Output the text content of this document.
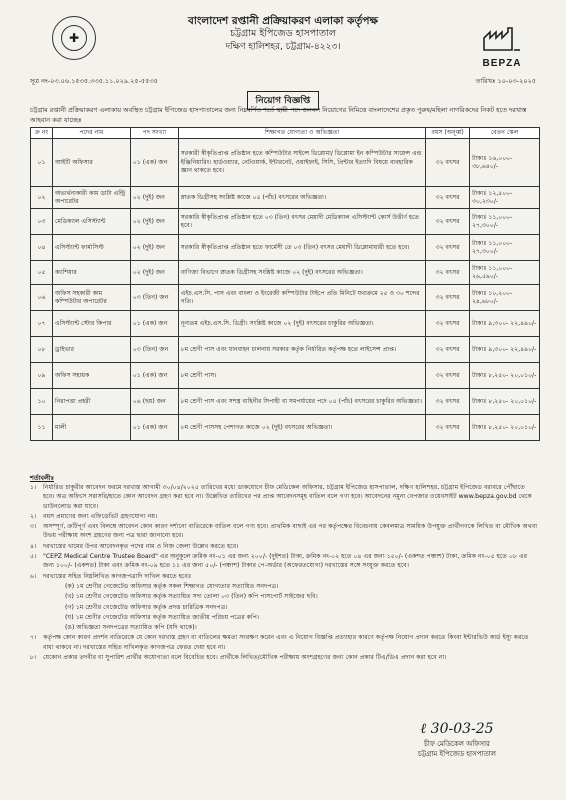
✚
বাংলাদেশ রপ্তানী প্রক্রিয়াকরণ এলাকা কর্তৃপক্ষ
চট্টগ্রাম ইপিজেড হাসপাতাল
দক্ষিণ হালিশহর, চট্টগ্রাম-৪২২৩।
BEPZA
সূত্র নং-০৩.০৬.১৫৩৫.৩৩৫.১১.০২৯.২৫-৫৫৩৫	তারিখঃ ১০-০৩-২০২৫
নিয়োগ বিজ্ঞপ্তি
চট্টগ্রাম রপ্তানী প্রক্রিয়াকরণ এলাকায় অবস্থিত চট্টগ্রাম ইপিজেড হাসপাতালের জন্য নিম্নবর্ণিত শর্তে স্থায়ী পদে জনবল নিয়োগের নিমিত্তে বাংলাদেশের প্রকৃত পুরুষ/মহিলা নাগরিকদের নিকট হতে দরখাস্ত আহবান করা যাচ্ছেঃ
ক্র নং	পদের নাম	পদ সংখ্যা	শিক্ষাগত যোগ্যতা ও অভিজ্ঞতা	বয়স (অনূর্ধ্ব)	বেতন স্কেল
০১	আইটি অফিসার	০১ (এক) জন	সরকারী স্বীকৃতিপ্রাপ্ত প্রতিষ্ঠান হতে কম্পিউটার সাইন্সে ডিপ্লোমা/ ডিপ্লোমা ইন কম্পিউটার সায়েন্স এন্ড ইঞ্জিনিয়ারিং। হার্ডওয়্যার, নেটওয়ার্ক, ইন্টারনেট, ওয়াইফাই, সিসি, প্রিন্টার ইত্যাদি বিষয়ে ব্যবহারিক জ্ঞান থাকতে হবে।	৩২ বৎসর	টাকাঃ ১৬,০০০- ৩৮,৬৪০/-
০২	অভ্যর্থনাকারী কাম ডাটা এন্ট্রি অপারেটর	০২ (দুই) জন	স্নাতক ডিগ্রীসহ সংশ্লিষ্ট কাজে ০৫ (পাঁচ) বৎসরের অভিজ্ঞতা।	৩২ বৎসর	টাকাঃ ১২,৫০০- ৩০,২৩০/-
০৩	মেডিক্যাল এসিস্ট্যান্ট	০২ (দুই) জন	সরকারি স্বীকৃতিপ্রাপ্ত প্রতিষ্ঠান হতে ০৩ (তিন) বৎসর মেয়াদী মেডিক্যাল এসিস্ট্যান্ট কোর্স উত্তীর্ণ হতে হবে।	৩২ বৎসর	টাকাঃ ১১,০০০- ২৭,৩০০/-
০৪	এসিস্ট্যান্ট ফার্মাসিস্ট	০২ (দুই) জন	সরকারি স্বীকৃতিপ্রাপ্ত প্রতিষ্ঠান হতে ফার্মেসী তে ০৩ (তিন) বৎসর মেয়াদী ডিপ্লোমাধারী হতে হবে।	৩২ বৎসর	টাকাঃ ১১,০০০- ২৭,৩০০/-
০৫	ক্যাশিয়ার	০২ (দুই) জন	বাণিজ্য বিভাগে স্নাতক ডিগ্রীসহ সংশ্লিষ্ট কাজে ০২ (দুই) বৎসরের অভিজ্ঞতা।	৩২ বৎসর	টাকাঃ ১১,০০০- ২৬,৫৯০/-
০৬	অফিস সহকারী কাম কম্পিউটার অপারেটর	০৩ (তিন) জন	এইচ.এস.সি. পাস এবং বাংলা ও ইংরেজী কম্পিউটার টাইপে প্রতি মিনিটে যথাক্রমে ২৫ ও ৩০ শব্দের গতি।	৩২ বৎসর	টাকাঃ ১০,২০০- ২৪,৬৮০/-
০৭	এসিস্ট্যান্ট স্টোর কিপার	০১ (এক) জন	নূন্যতম এইচ.এস.সি. ডিগ্রী। সংশ্লিষ্ট কাজে ০২ (দুই) বৎসরের চাকুরির অভিজ্ঞতা।	৩২ বৎসর	টাকাঃ ৯,৩০০- ২২,৪৯০/-
০৮	ড্রাইভার	০৩ (তিন) জন	৮ম শ্রেণী পাস এবং যানবাহন চালনায় সরকার কর্তৃক নির্ধারিত কর্তৃপক্ষ হতে লাইসেন্স প্রাপ্ত।	৩২ বৎসর	টাকাঃ ৯,৩০০- ২২,৪৯০/-
০৯	অফিস সহায়ক	০১ (এক) জন	৮ম শ্রেণী পাস।	৩২ বৎসর	টাকাঃ ৮,২৫০- ২০,০১০/-
১০	নিরাপত্তা প্রহরী	০৬ (ছয়) জন	৮ম শ্রেণী পাস এবং সশস্ত্র বাহিনীর সিপাহী বা সমপর্যায়ের পদে ০৫ (পাঁচ) বৎসরের চাকুরির অভিজ্ঞতা।	৩২ বৎসর	টাকাঃ ৮,২৫০- ২০,০১০/-
১১	মালী	০১ (এক) জন	৮ম শ্রেণী পাসসহ পেশাগত কাজে ০২ (দুই) বৎসরের অভিজ্ঞতা।	৩২ বৎসর	টাকাঃ ৮,২৫০- ২০,০১০/-
শর্তাবলীঃ
১।	নির্ধারিত চাকুরীর আবেদন ফরমে দরখাস্ত আগামী ৩০/০৪/২০২৫ তারিখের মধ্যে ডাকযোগে চীফ মেডিকেল অফিসার, চট্টগ্রাম ইপিজেড হাসপাতাল, দক্ষিণ হালিশহর, চট্টগ্রাম ইপিজেড বরাবরে পৌঁছাতে হবে। অত্র অফিসে সরাসরি/হাতে কোন আবেদন গ্রহণ করা হবে না। উল্লেখিত তারিখের পর প্রাপ্ত আবেদনসমূহ বাতিল বলে গণ্য হবে। আবেদনের নমুনা বেপজার ওয়েবসাইট www.bepza.gov.bd থেকে ডাউনলোড করা যাবে।
২।	বয়স প্রমাণের জন্য এফিডেভিট গ্রহণযোগ্য নয়।
৩।	অসম্পূর্ণ, ক্রটিপূর্ণ এবং বিলম্বে আবেদন কোন কারণ দর্শানো ব্যতিরেকে বাতিল বলে গণ্য হবে। প্রাথমিক বাছাই এর পর কর্তৃপক্ষের বিবেচনায় কেবলমাত্র সাময়িক উপযুক্ত প্রার্থীগণকে লিখিত বা মৌখিক অথবা উভয় পরীক্ষায় অংশ গ্রহণের জন্য পত্র দ্বারা জানানো হবে।
৪।	দরখাস্তের খামের উপর আবেদনকৃত পদের নাম ও নিজ জেলা উল্লেখ করতে হবে।
৫।	"CEPZ Medical Centre Trustee Board" এর অনুকূলে ক্রমিক নং-০১ এর জন্য ২০০/- (দুইশত) টাকা, ক্রমিক নং-০২ হতে ০৪ এর জন্য ১৫০/- (একশত পঞ্চাশ) টাকা, ক্রমিক নং-০৫ হতে ০৮ এর জন্য ১০০/- (একশত) টাকা এবং ক্রমিক নং-০৯ হতে ১১ এর জন্য ৫০/- (পঞ্চাশ) টাকার পে-অর্ডার (অফেরতযোগ্য) দরখাস্তের সঙ্গে সংযুক্ত করতে হবে।
৬।	দরখাস্তের সহিত নিম্নলিখিত কাগজপত্রাদি দাখিল করতে হবেঃ
(ক) ১ম শ্রেণীর গেজেটেড অফিসার কর্তৃক সকল শিক্ষাগত যোগ্যতার সত্যায়িত সনদপত্র।
(খ) ১ম শ্রেণীর গেজেটেড অফিসার কর্তৃক সত্যায়িত সদ্য তোলা ০৩ (তিন) কপি পাসপোর্ট সাইজের ছবি।
(গ) ১ম শ্রেণীর গেজেটেড অফিসার কর্তৃক প্রদত্ত চারিত্রিক সনদপত্র।
(ঘ) ১ম শ্রেণীর গেজেটেড অফিসার কর্তৃক সত্যায়িত জাতীয় পরিচয় পত্রের কপি।
(ঙ) অভিজ্ঞতা সনদপত্রের সত্যায়িত কপি (যদি থাকে)।
৭।	কর্তৃপক্ষ কোন কারণ প্রদর্শন ব্যতিরেকে যে কোন দরখাস্ত গ্রহণ বা বাতিলের ক্ষমতা সংরক্ষণ করেন এবং এ নিয়োগ বিজ্ঞপ্তি প্রত্যাহার কারণে কর্তৃপক্ষ নিয়োগ প্রদান করতে কিংবা ইন্টারভিউ কার্ড ইস্যু করতে বাধ্য থাকবে না। দরখাস্তের সহিত দাখিলকৃত কাগজপত্র ফেরত দেয়া হবে না।
৮।	যেকোন প্রকার তদবীর বা সুপারিশ প্রার্থীর অযোগ্যতা বলে বিবেচিত হবে। প্রার্থীকে লিখিত/মৌখিক পরীক্ষায় অংশগ্রহণের জন্য কোন প্রকার টিএ/ডিএ প্রদান করা হবে না।
ℓ 30-03-25
চীফ মেডিকেল অফিসার
চট্টগ্রাম ইপিজেড হাসপাতাল
